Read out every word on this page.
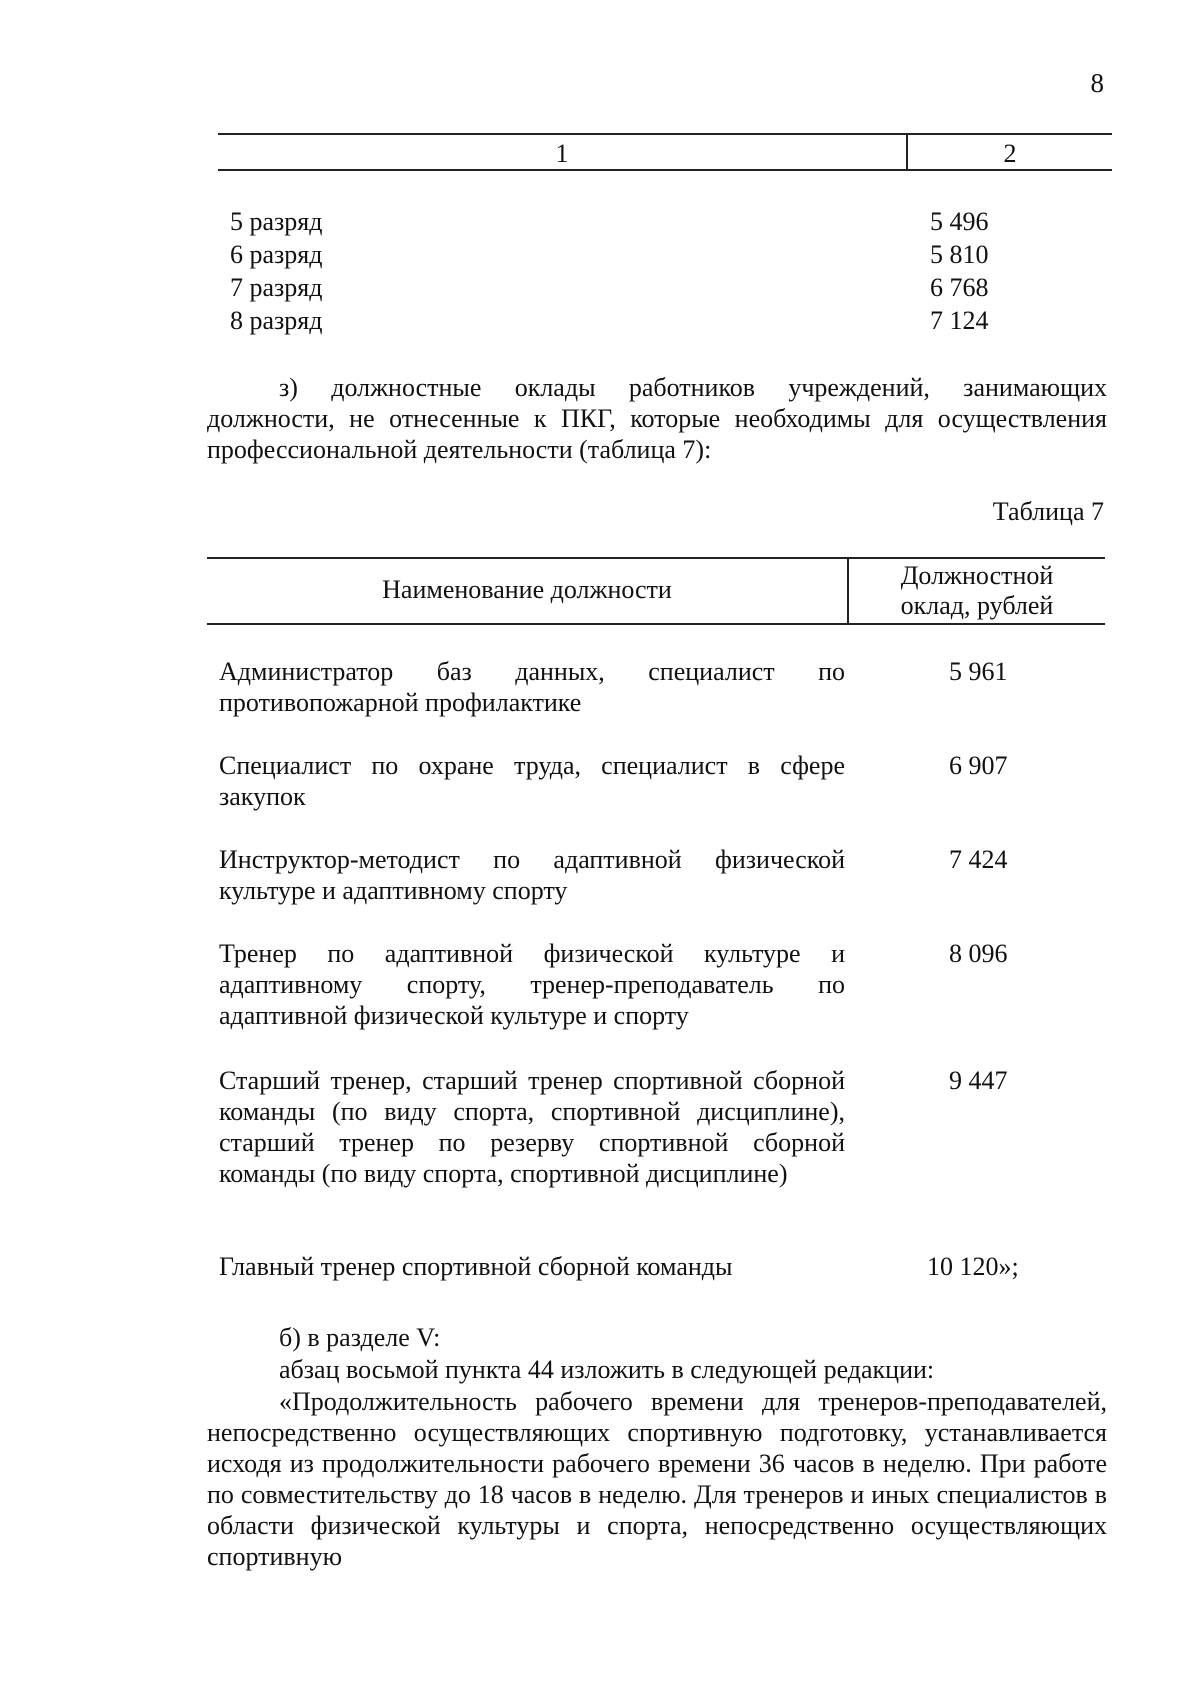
8
1	2
5 разряд	5 496
6 разряд	5 810
7 разряд	6 768
8 разряд	7 124
з) должностные оклады работников учреждений, занимающих должности, не отнесенные к ПКГ, которые необходимы для осуществления профессиональной деятельности (таблица 7):
Таблица 7
Наименование должности	Должностной
оклад, рублей
Администратор баз данных, специалист по противопожарной профилактике
5 961
Специалист по охране труда, специалист в сфере закупок
6 907
Инструктор-методист по адаптивной физической культуре и адаптивному спорту
7 424
Тренер по адаптивной физической культуре и адаптивному спорту, тренер-преподаватель по адаптивной физической культуре и спорту
8 096
Старший тренер, старший тренер спортивной сборной команды (по виду спорта, спортивной дисциплине), старший тренер по резерву спортивной сборной команды (по виду спорта, спортивной дисциплине)
9 447
Главный тренер спортивной сборной команды	10 120»;
б) в разделе V:
абзац восьмой пункта 44 изложить в следующей редакции:
«Продолжительность рабочего времени для тренеров-преподавателей, непосредственно осуществляющих спортивную подготовку, устанавливается исходя из продолжительности рабочего времени 36 часов в неделю. При работе по совместительству до 18 часов в неделю. Для тренеров и иных специалистов в области физической культуры и спорта, непосредственно осуществляющих спортивную
